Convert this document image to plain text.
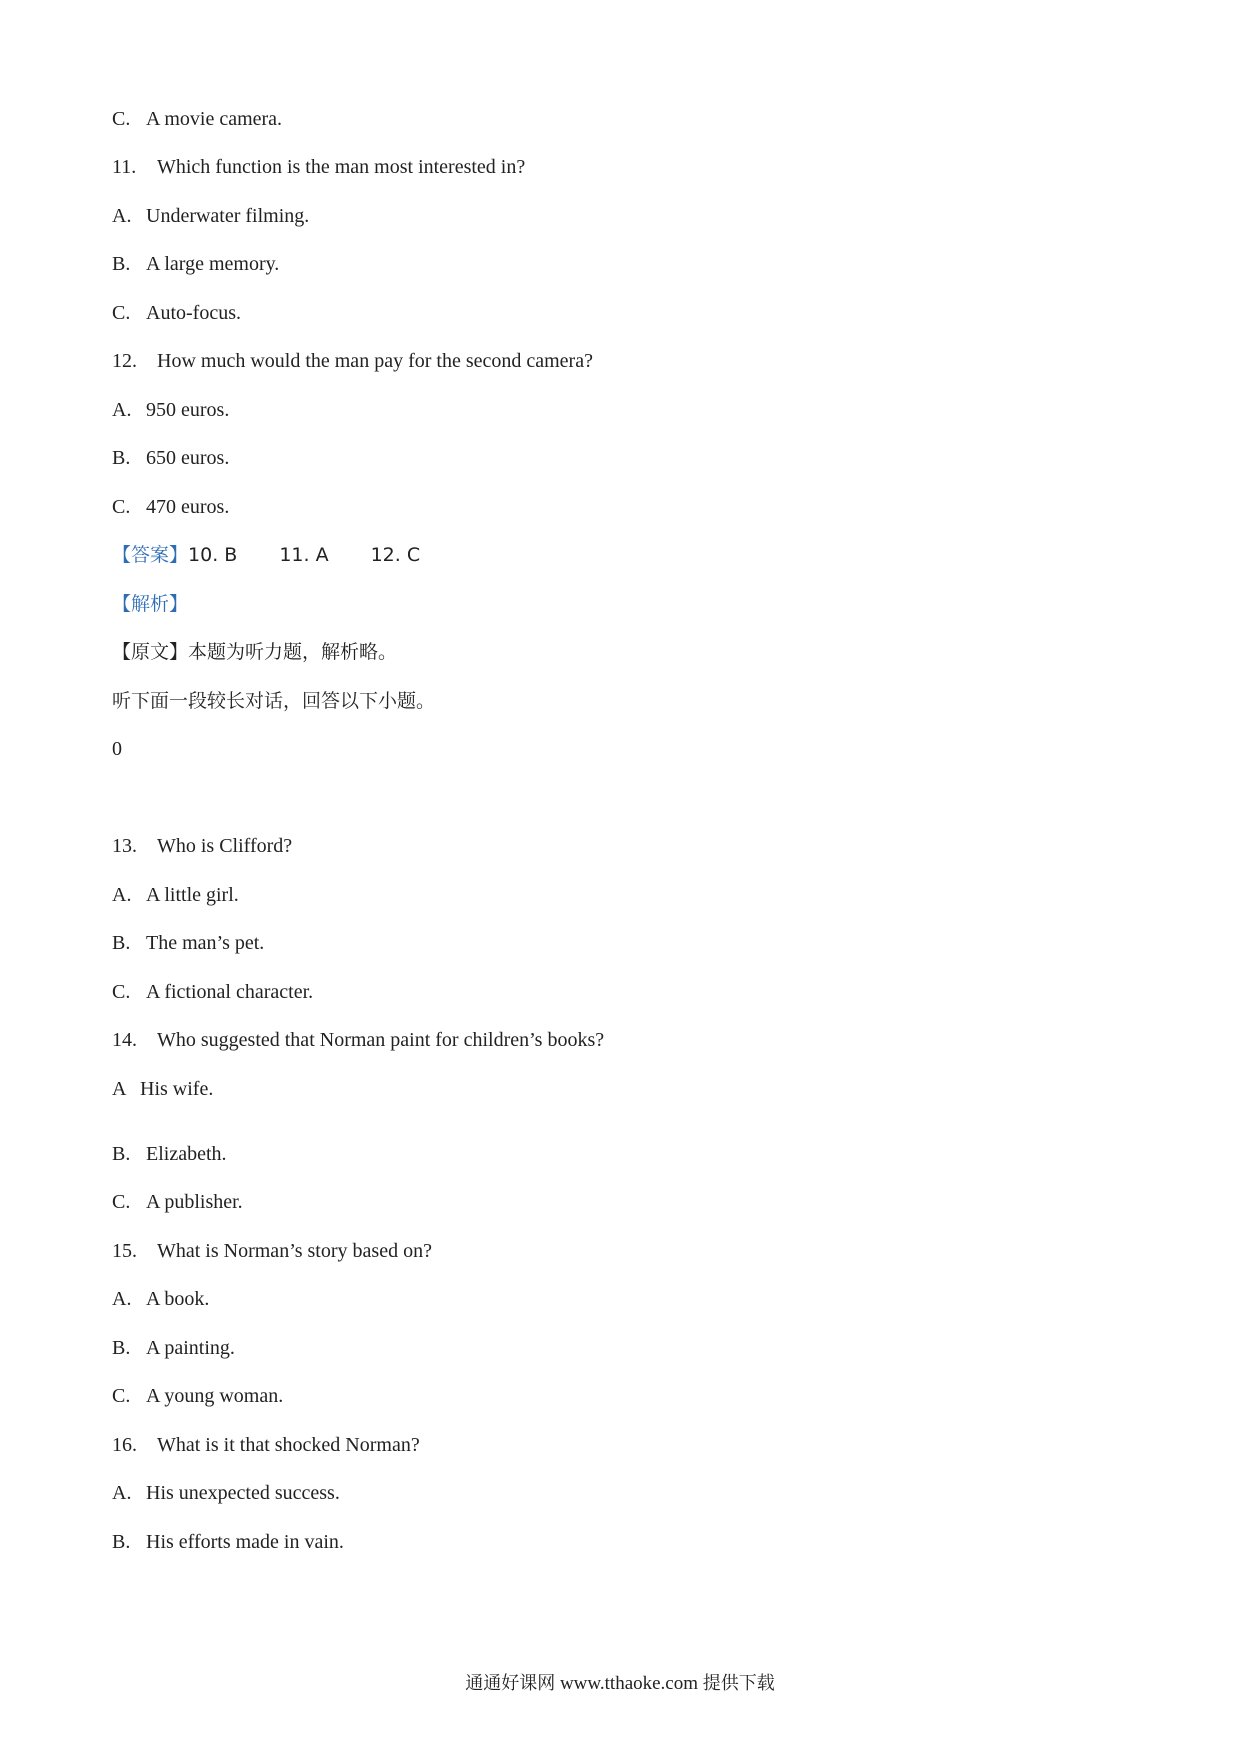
C. A movie camera.
11. Which function is the man most interested in?
A. Underwater filming.
B. A large memory.
C. Auto-focus.
12. How much would the man pay for the second camera?
A. 950 euros.
B. 650 euros.
C. 470 euros.
【答案】10. B 11. A 12. C
【解析】
【原文】本题为听力题，解析略。
听下面一段较长对话，回答以下小题。
0
13. Who is Clifford?
A. A little girl.
B. The man’s pet.
C. A fictional character.
14. Who suggested that Norman paint for children’s books?
A His wife.
B. Elizabeth.
C. A publisher.
15. What is Norman’s story based on?
A. A book.
B. A painting.
C. A young woman.
16. What is it that shocked Norman?
A. His unexpected success.
B. His efforts made in vain.
通通好课网 www.tthaoke.com 提供下载
